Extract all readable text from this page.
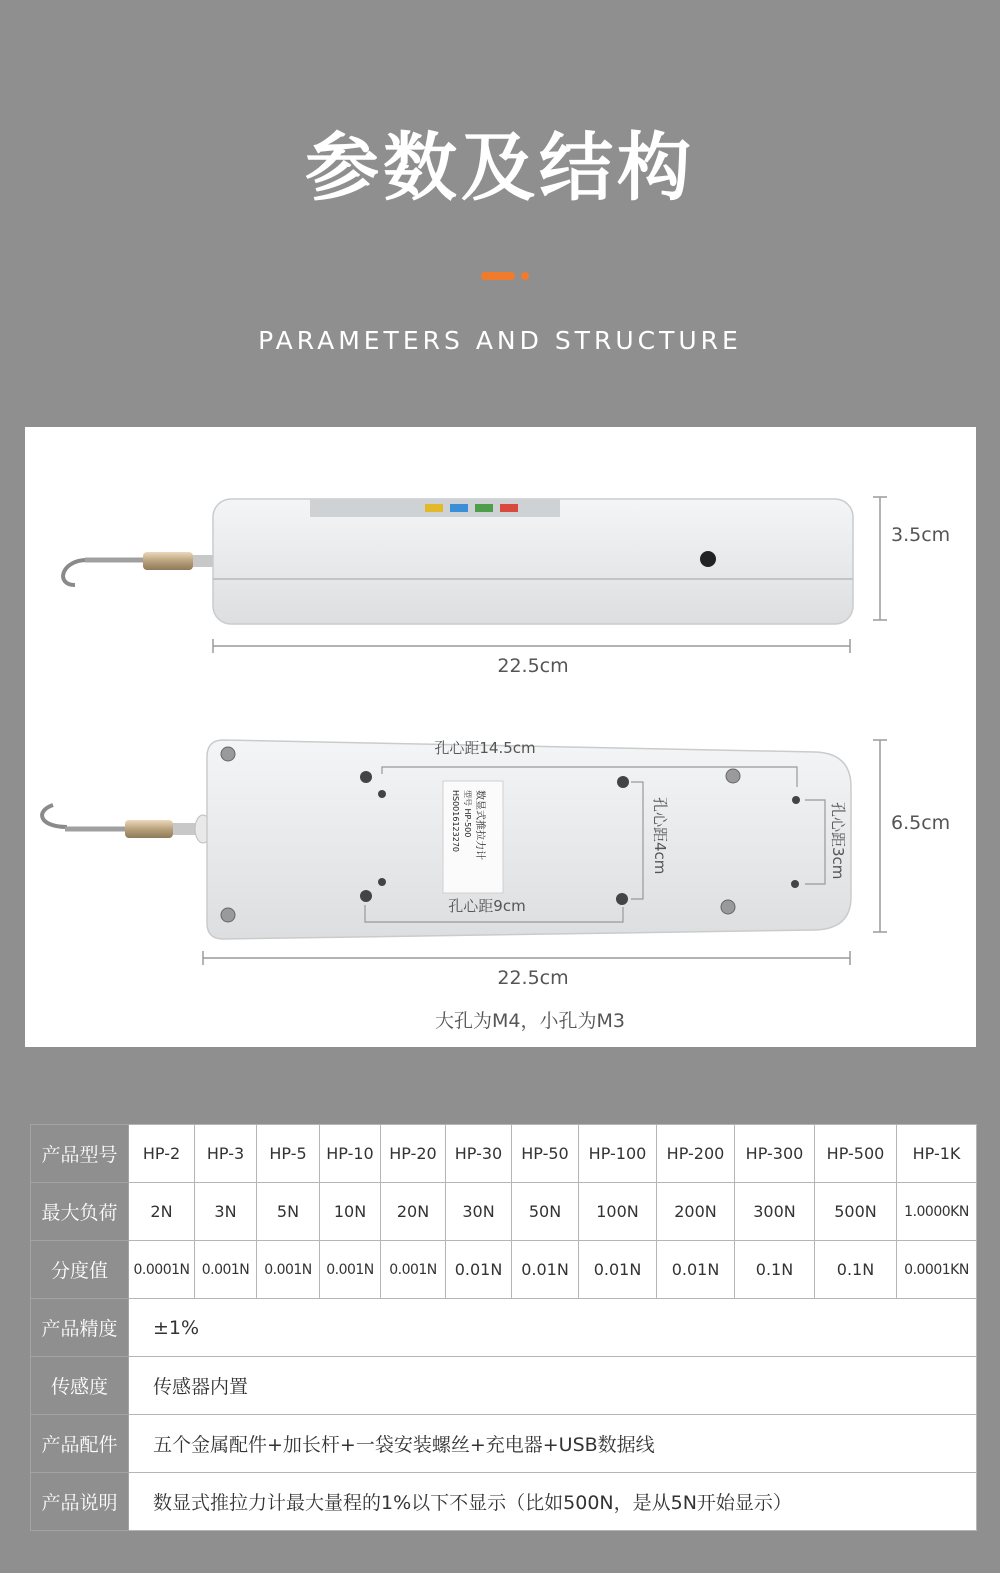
参数及结构
PARAMETERS AND STRUCTURE
22.5cm
3.5cm
数显式推拉力计
型号 HP-500
HS0016123270
孔心距14.5cm
孔心距9cm
孔心距4cm	孔心距3cm
22.5cm
6.5cm
大孔为M4，小孔为M3
产品型号	HP-2	HP-3	HP-5	HP-10	HP-20	HP-30	HP-50	HP-100	HP-200	HP-300	HP-500	HP-1K
最大负荷	2N	3N	5N	10N	20N	30N	50N	100N	200N	300N	500N	1.0000KN
分度值	0.0001N	0.001N	0.001N	0.001N	0.001N	0.01N	0.01N	0.01N	0.01N	0.1N	0.1N	0.0001KN
产品精度	±1%											
传感度	传感器内置											
产品配件	五个金属配件+加长杆+一袋安装螺丝+充电器+USB数据线											
产品说明	数显式推拉力计最大量程的1%以下不显示（比如500N，是从5N开始显示）											
